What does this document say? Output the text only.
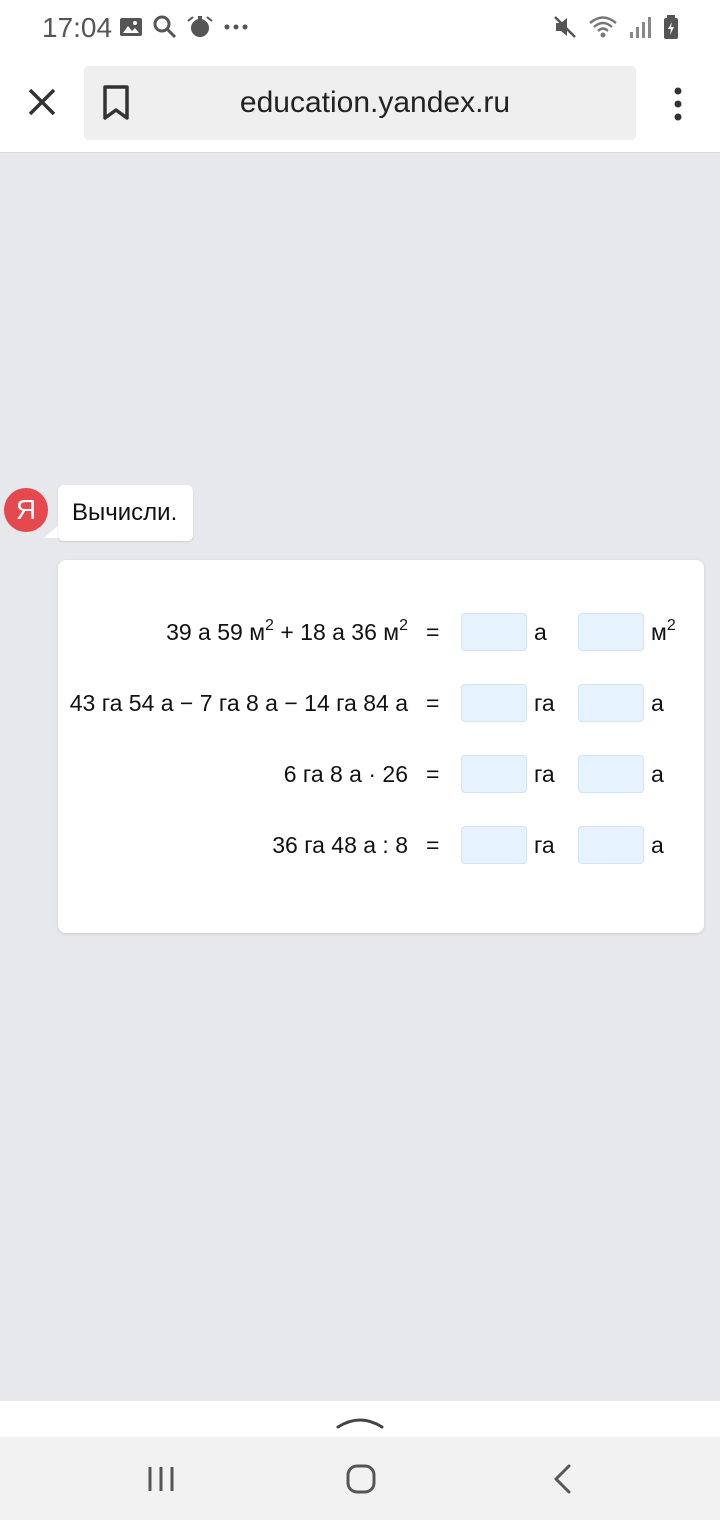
17:04
education.yandex.ru
Я	Вычисли.
39 а 59 $м^2 + 18$ а 36 $м^2$ =	а	$м^2$
43 га 54 а − 7 га 8 а − 14 га 84 а =	га	а
6 га 8 а · 26 =	га	а
36 га 48 а : 8 =	га	а
